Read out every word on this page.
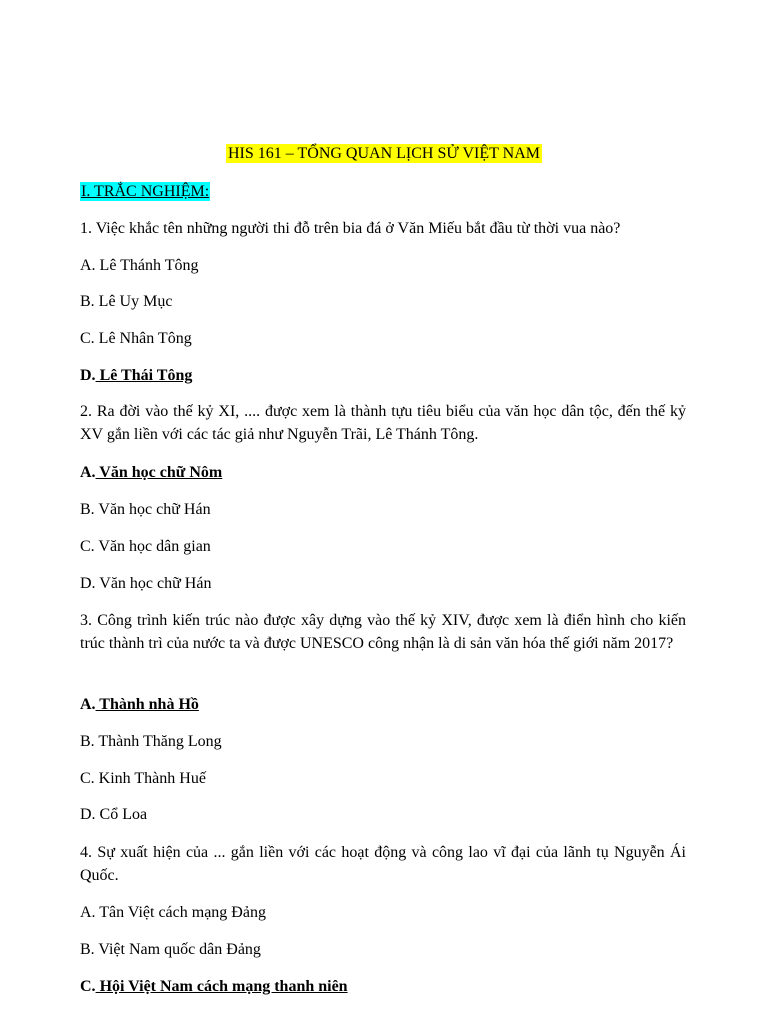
HIS 161 – TỔNG QUAN LỊCH SỬ VIỆT NAM

I. TRẮC NGHIỆM:

1. Việc khắc tên những người thi đỗ trên bia đá ở Văn Miếu bắt đầu từ thời vua nào?

A. Lê Thánh Tông

B. Lê Uy Mục

C. Lê Nhân Tông

D. Lê Thái Tông

2. Ra đời vào thế kỷ XI, .... được xem là thành tựu tiêu biểu của văn học dân tộc, đến thế kỷ XV gắn liền với các tác giả như Nguyễn Trãi, Lê Thánh Tông.

A. Văn học chữ Nôm

B. Văn học chữ Hán

C. Văn học dân gian

D. Văn học chữ Hán

3. Công trình kiến trúc nào được xây dựng vào thế kỷ XIV, được xem là điển hình cho kiến trúc thành trì của nước ta và được UNESCO công nhận là di sản văn hóa thế giới năm 2017?

A. Thành nhà Hồ

B. Thành Thăng Long

C. Kinh Thành Huế

D. Cổ Loa

4. Sự xuất hiện của ... gắn liền với các hoạt động và công lao vĩ đại của lãnh tụ Nguyễn Ái Quốc.

A. Tân Việt cách mạng Đảng

B. Việt Nam quốc dân Đảng

C. Hội Việt Nam cách mạng thanh niên
